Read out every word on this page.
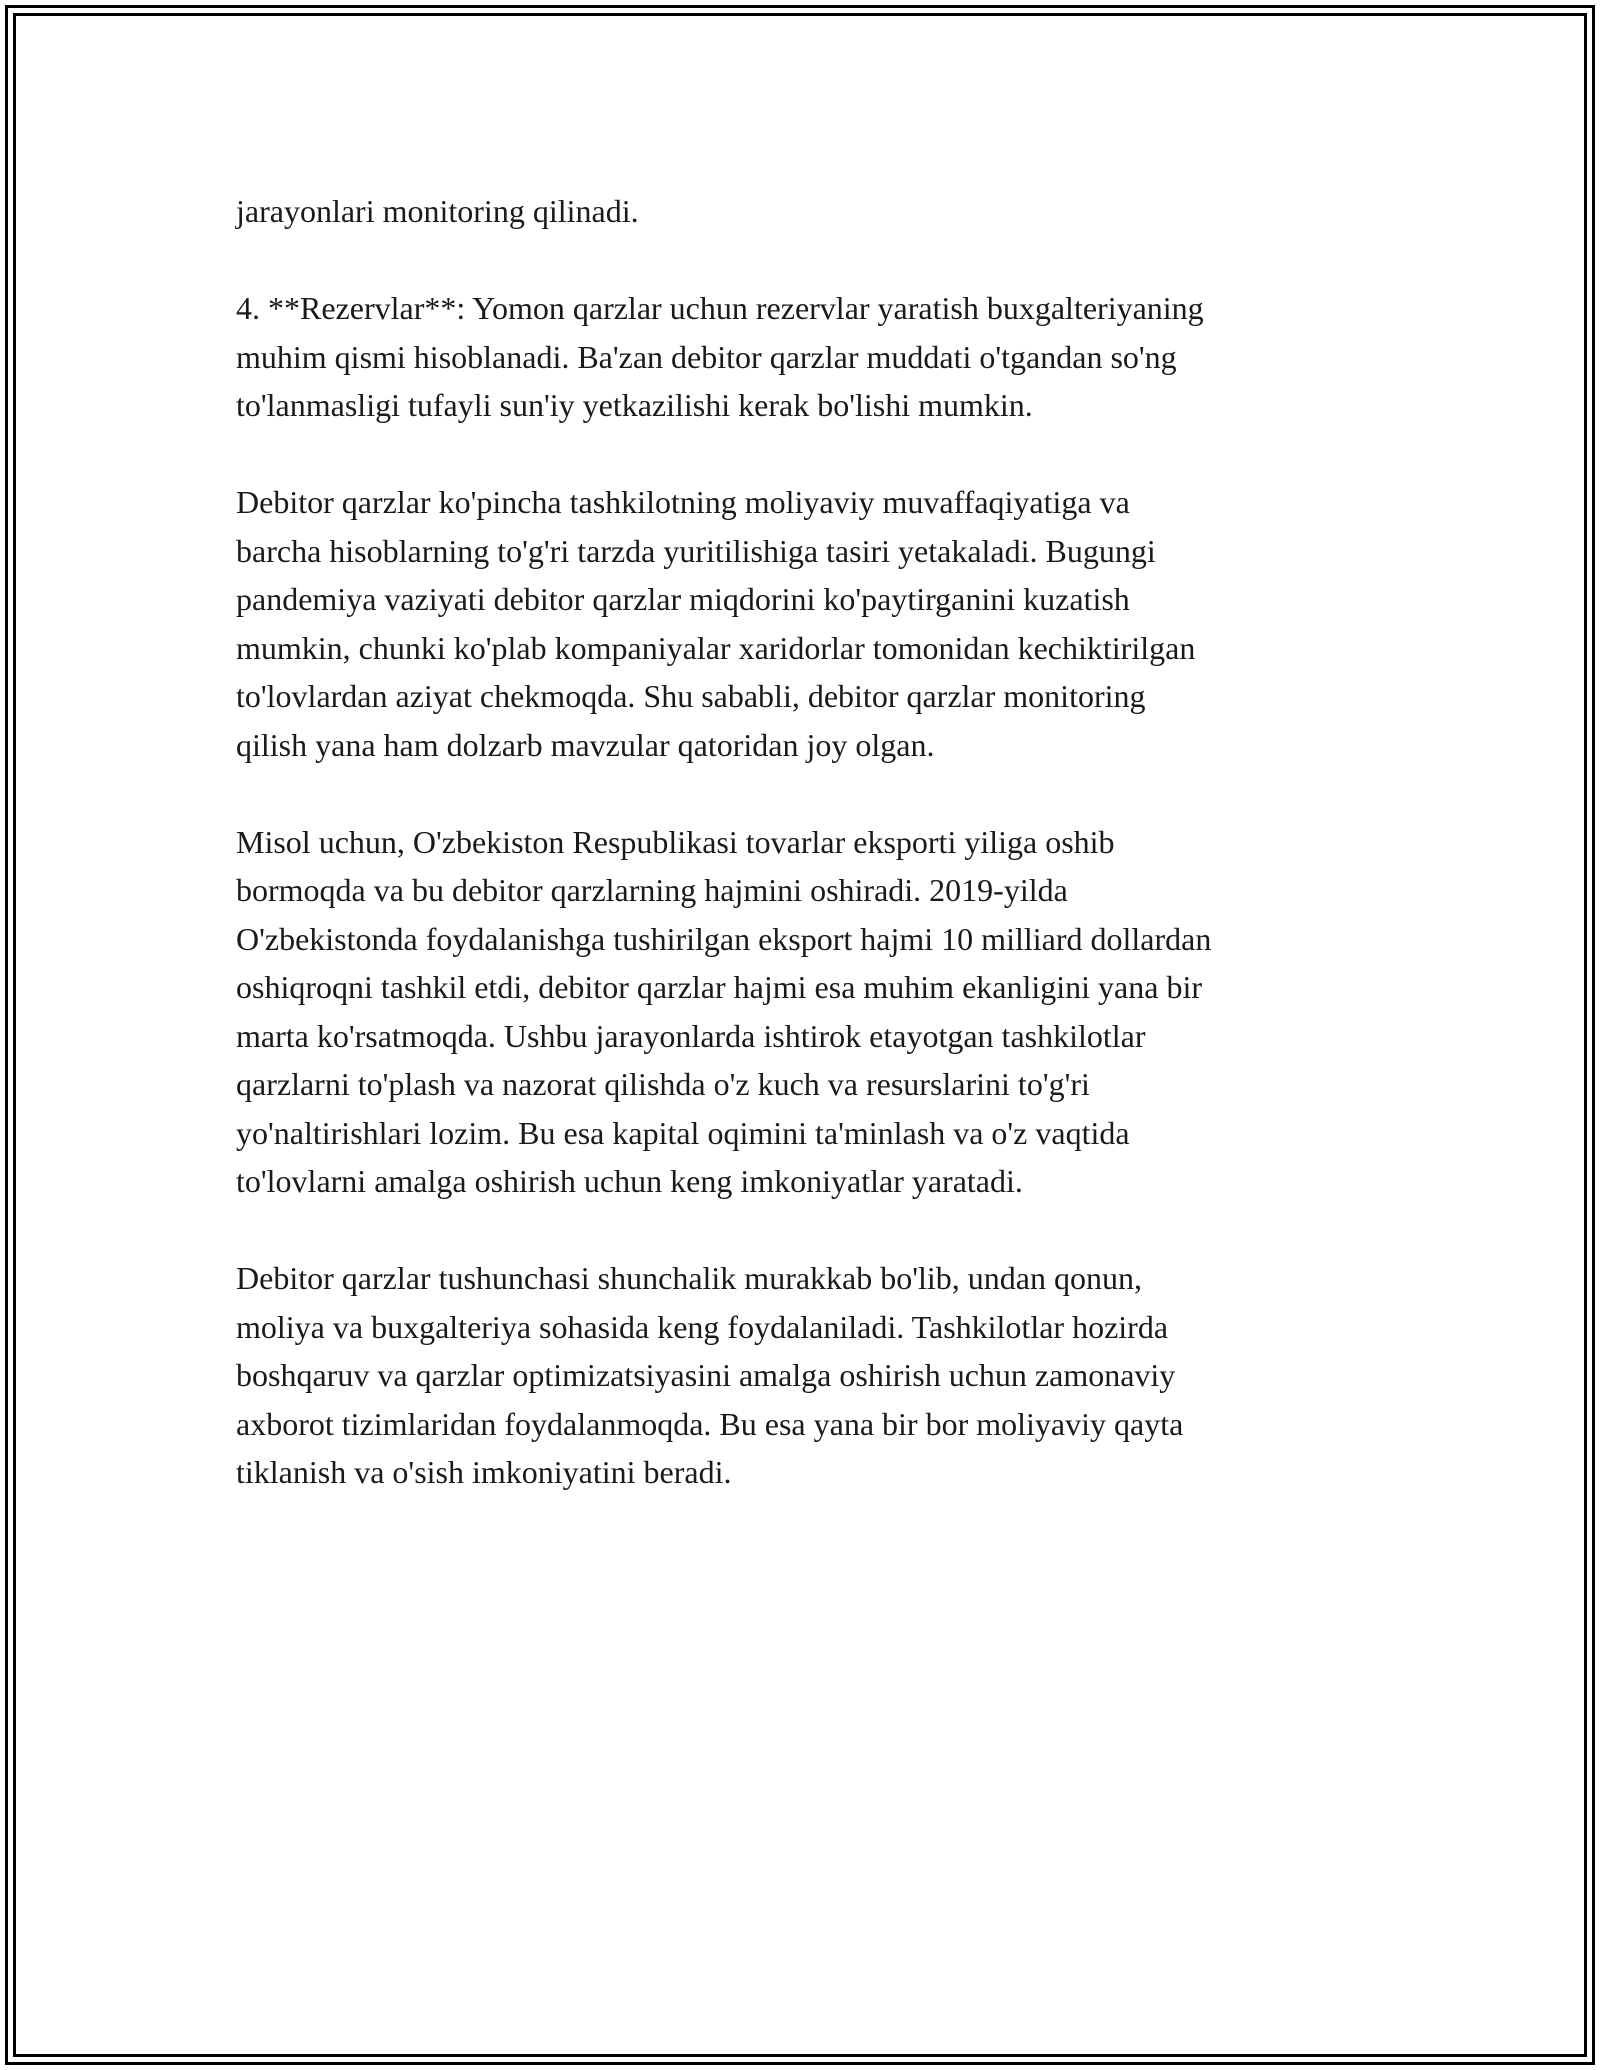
jarayonlari monitoring qilinadi.

4. **Rezervlar**: Yomon qarzlar uchun rezervlar yaratish buxgalteriyaning
muhim qismi hisoblanadi. Ba'zan debitor qarzlar muddati o'tgandan so'ng
to'lanmasligi tufayli sun'iy yetkazilishi kerak bo'lishi mumkin.

Debitor qarzlar ko'pincha tashkilotning moliyaviy muvaffaqiyatiga va
barcha hisoblarning to'g'ri tarzda yuritilishiga tasiri yetakaladi. Bugungi
pandemiya vaziyati debitor qarzlar miqdorini ko'paytirganini kuzatish
mumkin, chunki ko'plab kompaniyalar xaridorlar tomonidan kechiktirilgan
to'lovlardan aziyat chekmoqda. Shu sababli, debitor qarzlar monitoring
qilish yana ham dolzarb mavzular qatoridan joy olgan.

Misol uchun, O'zbekiston Respublikasi tovarlar eksporti yiliga oshib
bormoqda va bu debitor qarzlarning hajmini oshiradi. 2019-yilda
O'zbekistonda foydalanishga tushirilgan eksport hajmi 10 milliard dollardan
oshiqroqni tashkil etdi, debitor qarzlar hajmi esa muhim ekanligini yana bir
marta ko'rsatmoqda. Ushbu jarayonlarda ishtirok etayotgan tashkilotlar
qarzlarni to'plash va nazorat qilishda o'z kuch va resurslarini to'g'ri
yo'naltirishlari lozim. Bu esa kapital oqimini ta'minlash va o'z vaqtida
to'lovlarni amalga oshirish uchun keng imkoniyatlar yaratadi.

Debitor qarzlar tushunchasi shunchalik murakkab bo'lib, undan qonun,
moliya va buxgalteriya sohasida keng foydalaniladi. Tashkilotlar hozirda
boshqaruv va qarzlar optimizatsiyasini amalga oshirish uchun zamonaviy
axborot tizimlaridan foydalanmoqda. Bu esa yana bir bor moliyaviy qayta
tiklanish va o'sish imkoniyatini beradi.
